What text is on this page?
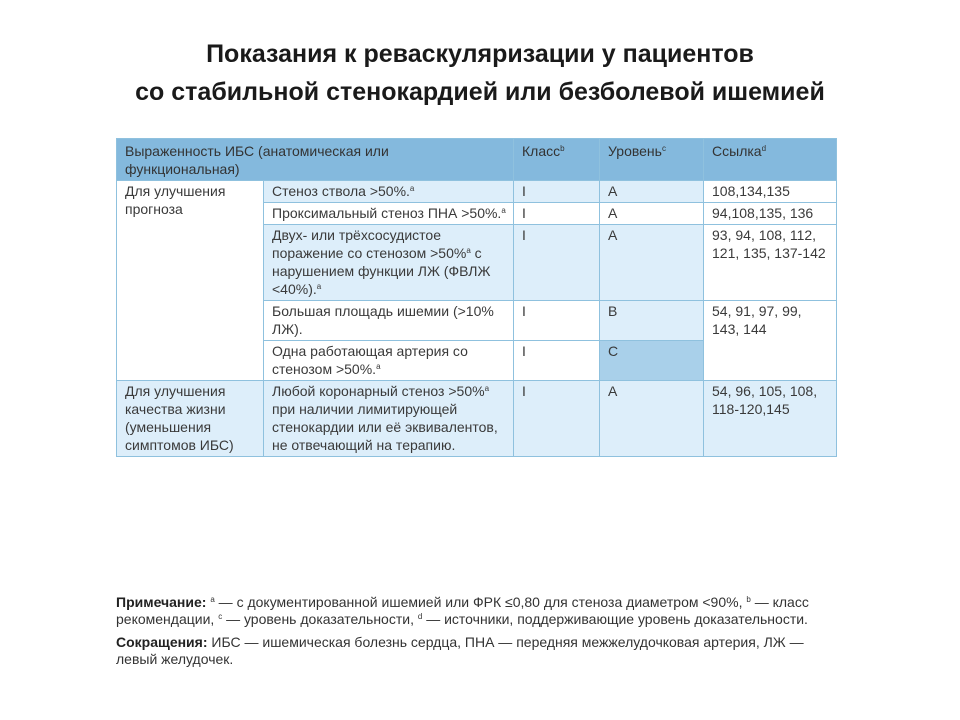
Показания к реваскуляризации у пациентов
со стабильной стенокардией или безболевой ишемией
Выраженность ИБС (анатомическая или функциональная)		Класс$^b$	Уровень$^c$	Ссылка$^d$
Для улучшения прогноза	Стеноз ствола >50%.$^a$	I	A	108,134,135
	Проксимальный стеноз ПНА >50%.$^a$	I	A	94,108,135, 136
	Двух- или трёхсосудистое поражение со стенозом >50%$^a$ с нарушением функции ЛЖ (ФВЛЖ <40%).$^a$	I	A	93, 94, 108, 112, 121, 135, 137-142
	Большая площадь ишемии (>10% ЛЖ).	I	B	54, 91, 97, 99, 143, 144
	Одна работающая артерия со стенозом >50%.$^a$	I	C	
Для улучшения качества жизни (уменьшения симптомов ИБС)	Любой коронарный стеноз >50%$^a$ при наличии лимитирующей стенокардии или её эквивалентов, не отвечающий на терапию.	I	A	54, 96, 105, 108, 118-120,145

Примечание: $^a$ — с документированной ишемией или ФРК ≤0,80 для стеноза диаметром <90%, $^b$ — класс рекомендации, $^c$ — уровень доказательности, $^d$ — источники, поддерживающие уровень доказательности.

Сокращения: ИБС — ишемическая болезнь сердца, ПНА — передняя межжелудочковая артерия, ЛЖ — левый желудочек.
